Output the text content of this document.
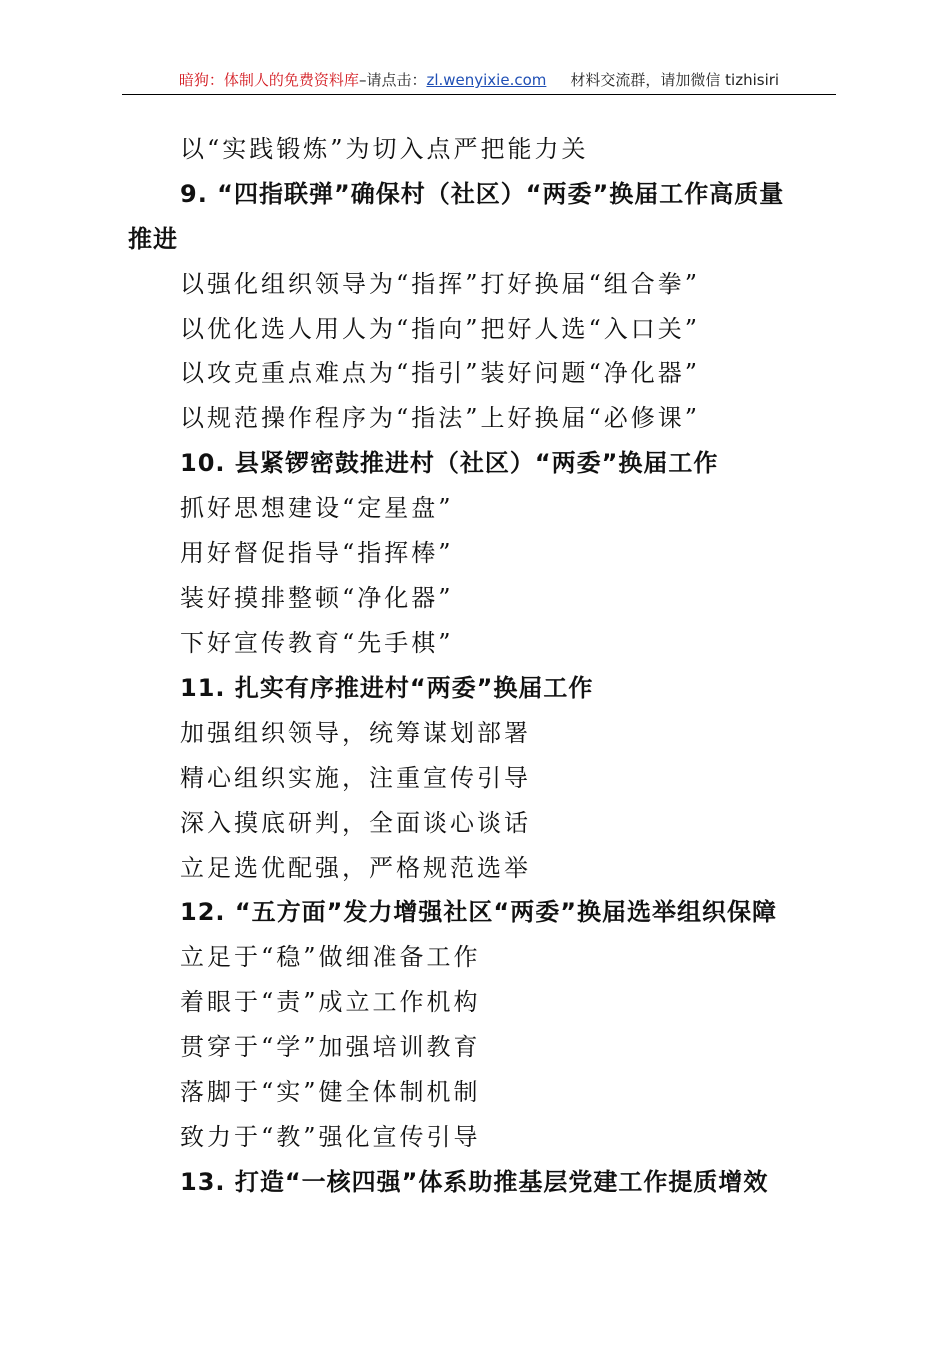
暗狗：体制人的免费资料库–请点击：zl.wenyixie.com 材料交流群，请加微信 tizhisiri
以“实践锻炼”为切入点严把能力关
9. “四指联弹”确保村（社区）“两委”换届工作高质量
推进
以强化组织领导为“指挥”打好换届“组合拳”
以优化选人用人为“指向”把好人选“入口关”
以攻克重点难点为“指引”装好问题“净化器”
以规范操作程序为“指法”上好换届“必修课”
10. 县紧锣密鼓推进村（社区）“两委”换届工作
抓好思想建设“定星盘”
用好督促指导“指挥棒”
装好摸排整顿“净化器”
下好宣传教育“先手棋”
11. 扎实有序推进村“两委”换届工作
加强组织领导，统筹谋划部署
精心组织实施，注重宣传引导
深入摸底研判，全面谈心谈话
立足选优配强，严格规范选举
12. “五方面”发力增强社区“两委”换届选举组织保障
立足于“稳”做细准备工作
着眼于“责”成立工作机构
贯穿于“学”加强培训教育
落脚于“实”健全体制机制
致力于“教”强化宣传引导
13. 打造“一核四强”体系助推基层党建工作提质增效
